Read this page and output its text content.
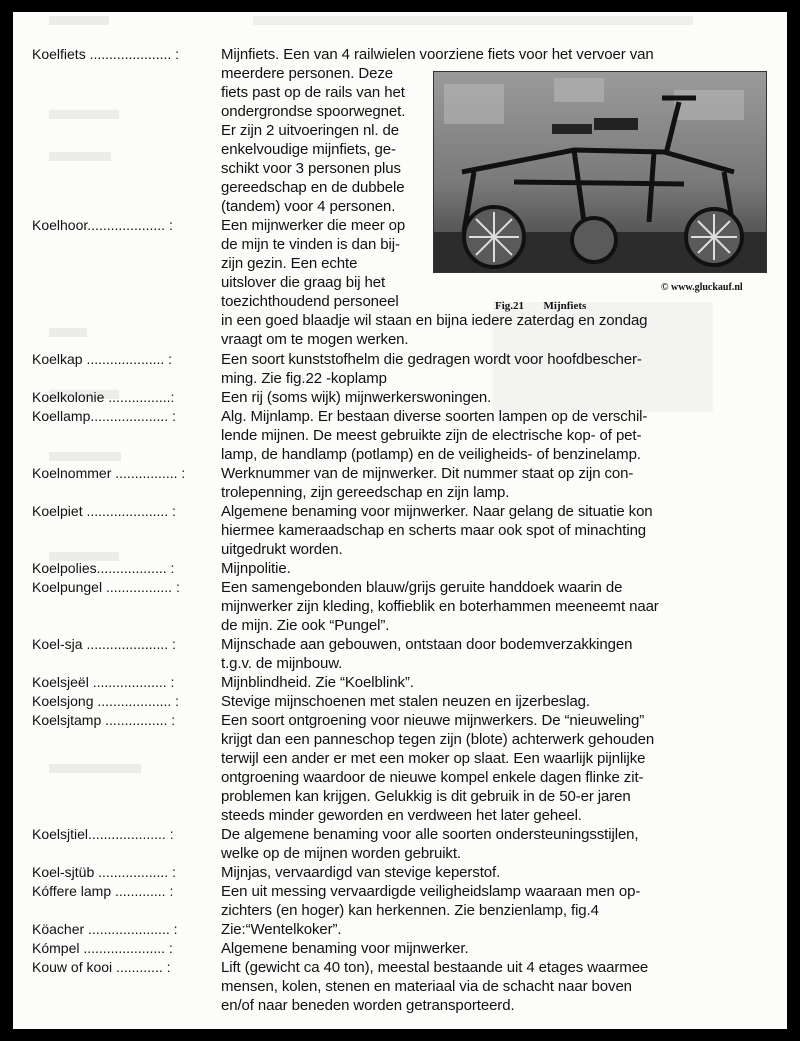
© www.gluckauf.nl
Fig.21 Mijnfiets
Koelfiets ..................... :	Mijnfiets. Een van 4 railwielen voorziene fiets voor het vervoer van
meerdere personen. Deze
fiets past op de rails van het
ondergrondse spoorwegnet.
Er zijn 2 uitvoeringen nl. de
enkelvoudige mijnfiets, ge-
schikt voor 3 personen plus
gereedschap en de dubbele
(tandem) voor 4 personen.
Koelhoor.................... :	Een mijnwerker die meer op
de mijn te vinden is dan bij-
zijn gezin. Een echte
uitslover die graag bij het
toezichthoudend personeel
in een goed blaadje wil staan en bijna iedere zaterdag en zondag
vraagt om te mogen werken.
Koelkap .................... :	Een soort kunststofhelm die gedragen wordt voor hoofdbescher-
ming. Zie fig.22 -koplamp
Koelkolonie ................:	Een rij (soms wijk) mijnwerkerswoningen.
Koellamp.................... :	Alg. Mijnlamp. Er bestaan diverse soorten lampen op de verschil-
lende mijnen. De meest gebruikte zijn de electrische kop- of pet-
lamp, de handlamp (potlamp) en de veiligheids- of benzinelamp.
Koelnommer ................ :	Werknummer van de mijnwerker. Dit nummer staat op zijn con-
trolepenning, zijn gereedschap en zijn lamp.
Koelpiet ..................... :	Algemene benaming voor mijnwerker. Naar gelang de situatie kon
hiermee kameraadschap en scherts maar ook spot of minachting
uitgedrukt worden.
Koelpolies.................. :	Mijnpolitie.
Koelpungel ................. :	Een samengebonden blauw/grijs geruite handdoek waarin de
mijnwerker zijn kleding, koffieblik en boterhammen meeneemt naar
de mijn. Zie ook “Pungel”.
Koel-sja ..................... :	Mijnschade aan gebouwen, ontstaan door bodemverzakkingen
t.g.v. de mijnbouw.
Koelsjeël ................... :	Mijnblindheid. Zie “Koelblink”.
Koelsjong ................... :	Stevige mijnschoenen met stalen neuzen en ijzerbeslag.
Koelsjtamp ................ :	Een soort ontgroening voor nieuwe mijnwerkers. De “nieuweling”
krijgt dan een panneschop tegen zijn (blote) achterwerk gehouden
terwijl een ander er met een moker op slaat. Een waarlijk pijnlijke
ontgroening waardoor de nieuwe kompel enkele dagen flinke zit-
problemen kan krijgen. Gelukkig is dit gebruik in de 50-er jaren
steeds minder geworden en verdween het later geheel.
Koelsjtiel.................... :	De algemene benaming voor alle soorten ondersteuningsstijlen,
welke op de mijnen worden gebruikt.
Koel-sjtüb .................. :	Mijnjas, vervaardigd van stevige keperstof.
Kóffere lamp ............. :	Een uit messing vervaardigde veiligheidslamp waaraan men op-
zichters (en hoger) kan herkennen. Zie benzienlamp, fig.4
Köacher ..................... :	Zie:“Wentelkoker”.
Kómpel ..................... :	Algemene benaming voor mijnwerker.
Kouw of kooi ............ :	Lift (gewicht ca 40 ton), meestal bestaande uit 4 etages waarmee
mensen, kolen, stenen en materiaal via de schacht naar boven
en/of naar beneden worden getransporteerd.
